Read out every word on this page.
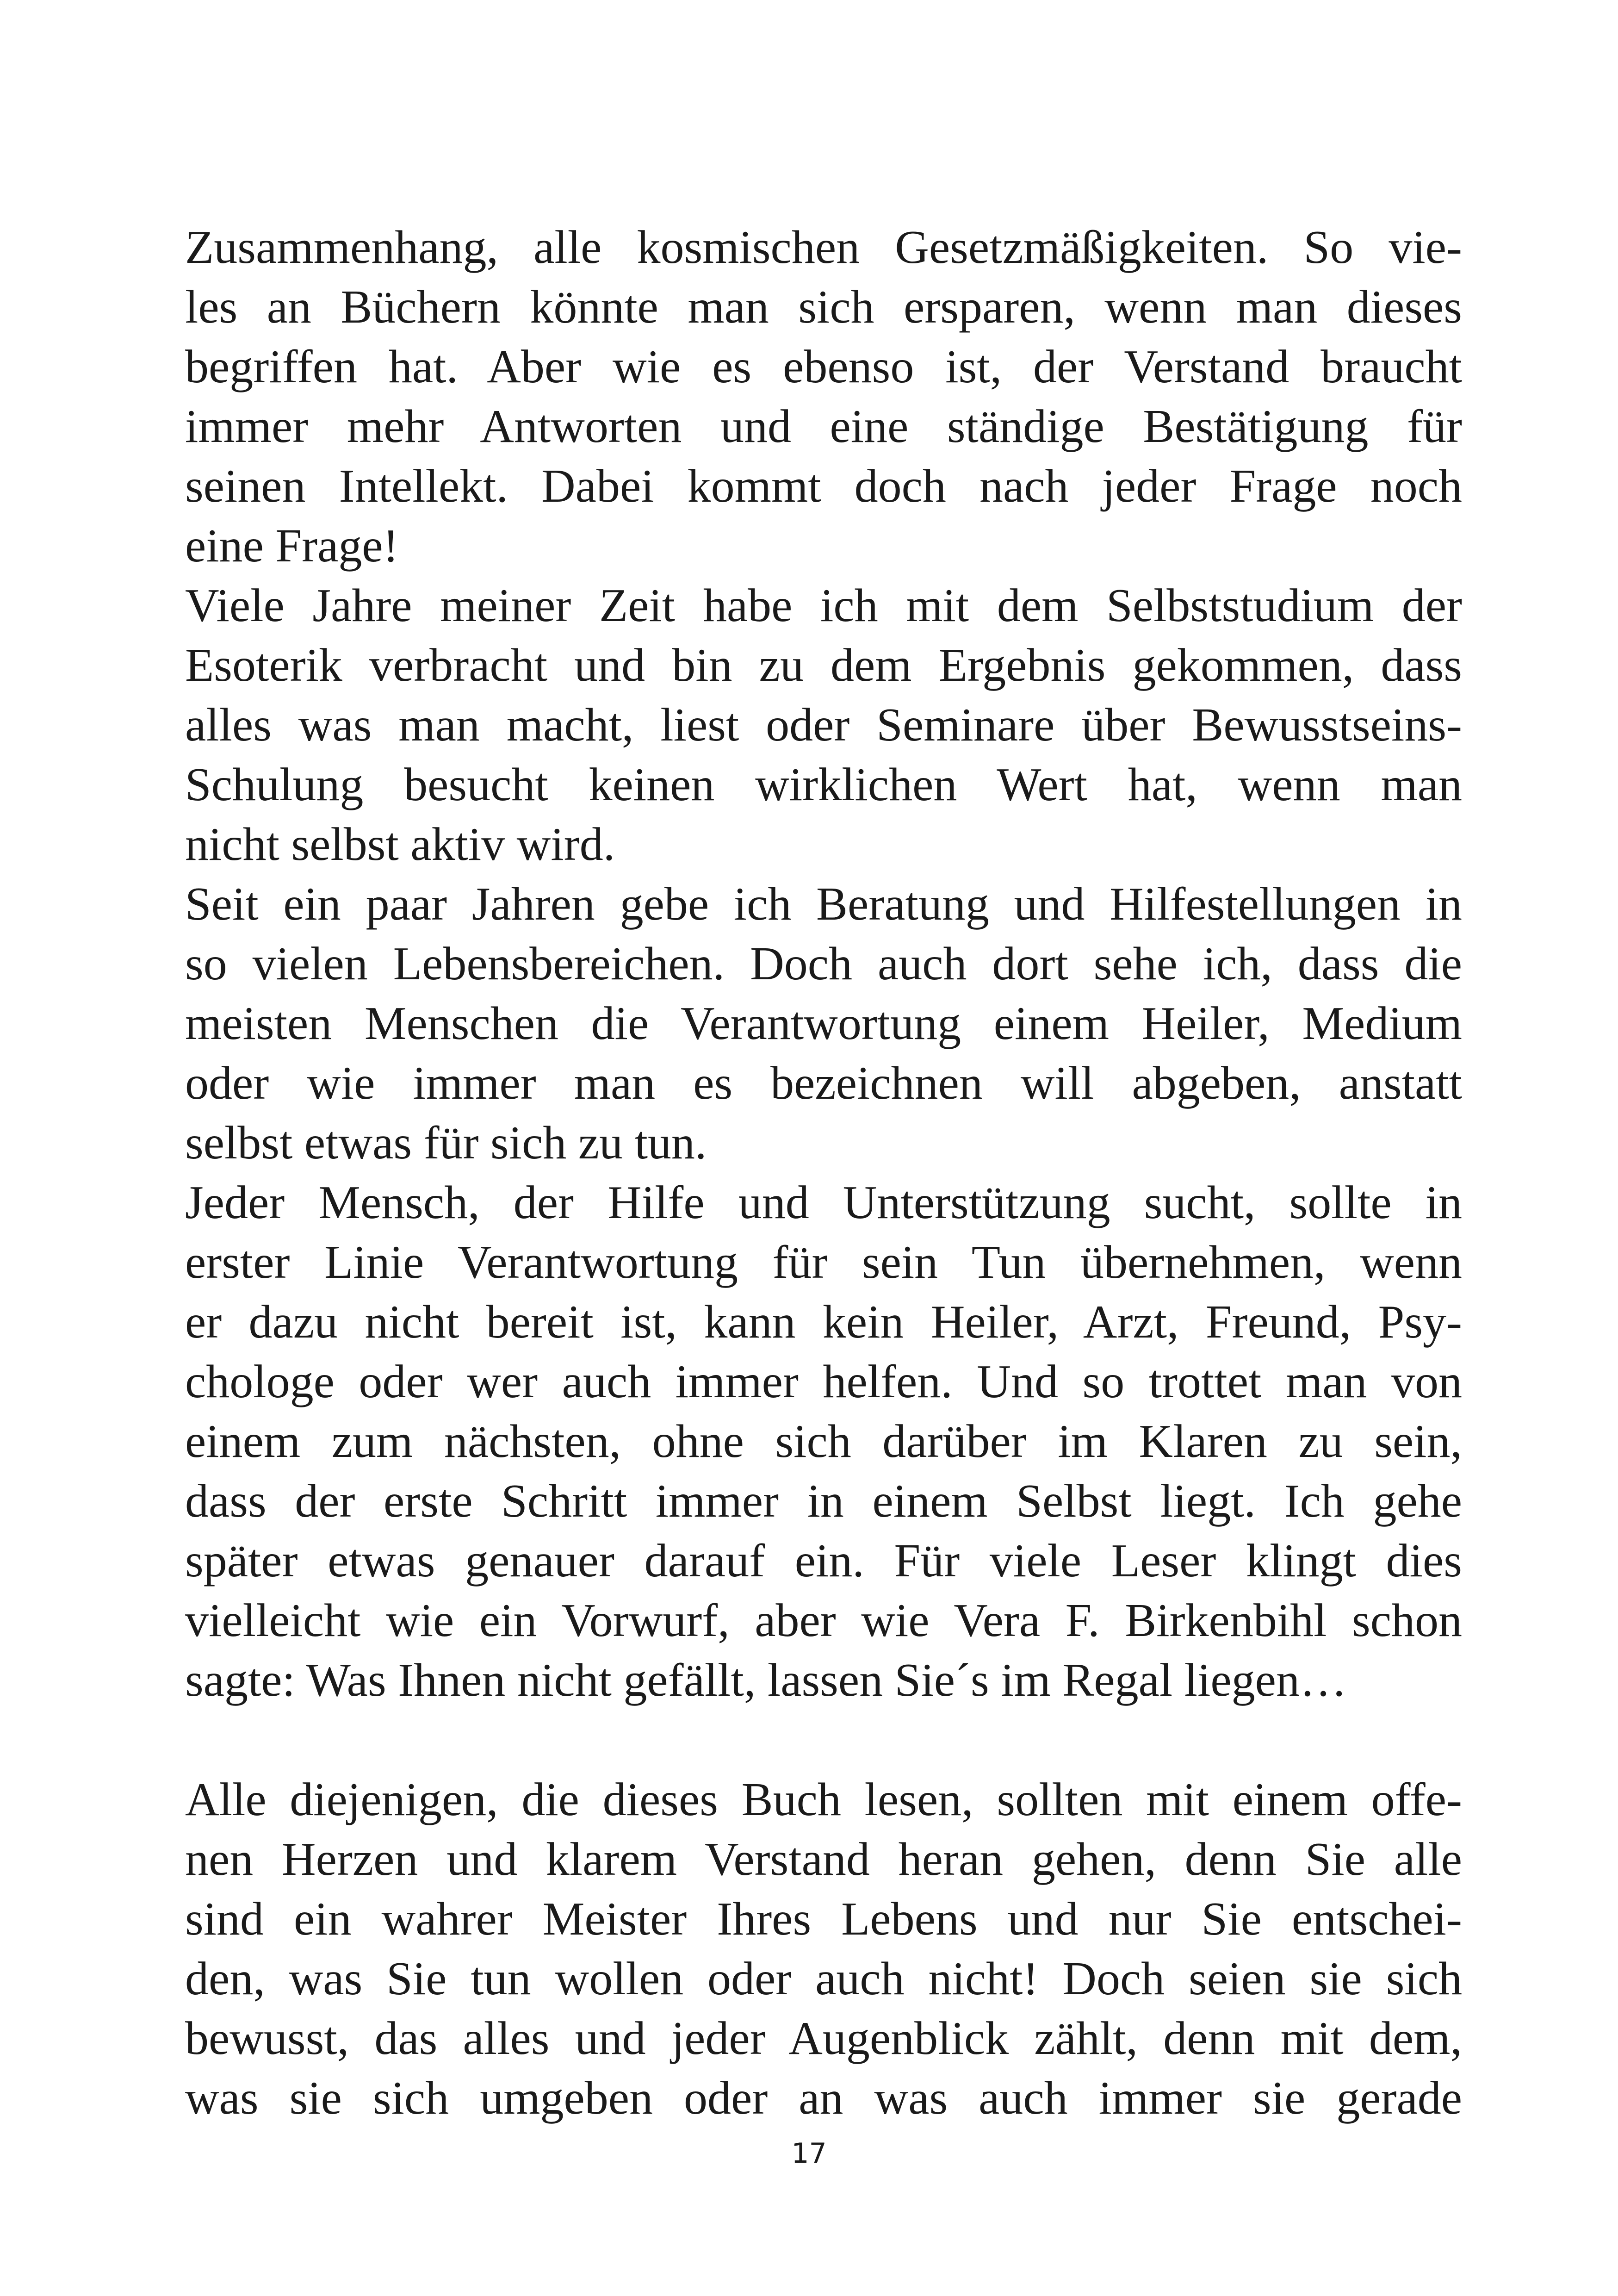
Zusammenhang, alle kosmischen Gesetzmäßigkeiten. So vie-
les an Büchern könnte man sich ersparen, wenn man dieses
begriffen hat. Aber wie es ebenso ist, der Verstand braucht
immer mehr Antworten und eine ständige Bestätigung für
seinen Intellekt. Dabei kommt doch nach jeder Frage noch
eine Frage!
Viele Jahre meiner Zeit habe ich mit dem Selbststudium der
Esoterik verbracht und bin zu dem Ergebnis gekommen, dass
alles was man macht, liest oder Seminare über Bewusstseins-
Schulung besucht keinen wirklichen Wert hat, wenn man
nicht selbst aktiv wird.
Seit ein paar Jahren gebe ich Beratung und Hilfestellungen in
so vielen Lebensbereichen. Doch auch dort sehe ich, dass die
meisten Menschen die Verantwortung einem Heiler, Medium
oder wie immer man es bezeichnen will abgeben, anstatt
selbst etwas für sich zu tun.
Jeder Mensch, der Hilfe und Unterstützung sucht, sollte in
erster Linie Verantwortung für sein Tun übernehmen, wenn
er dazu nicht bereit ist, kann kein Heiler, Arzt, Freund, Psy-
chologe oder wer auch immer helfen. Und so trottet man von
einem zum nächsten, ohne sich darüber im Klaren zu sein,
dass der erste Schritt immer in einem Selbst liegt. Ich gehe
später etwas genauer darauf ein. Für viele Leser klingt dies
vielleicht wie ein Vorwurf, aber wie Vera F. Birkenbihl schon
sagte: Was Ihnen nicht gefällt, lassen Sie´s im Regal liegen…
Alle diejenigen, die dieses Buch lesen, sollten mit einem offe-
nen Herzen und klarem Verstand heran gehen, denn Sie alle
sind ein wahrer Meister Ihres Lebens und nur Sie entschei-
den, was Sie tun wollen oder auch nicht! Doch seien sie sich
bewusst, das alles und jeder Augenblick zählt, denn mit dem,
was sie sich umgeben oder an was auch immer sie gerade
17
